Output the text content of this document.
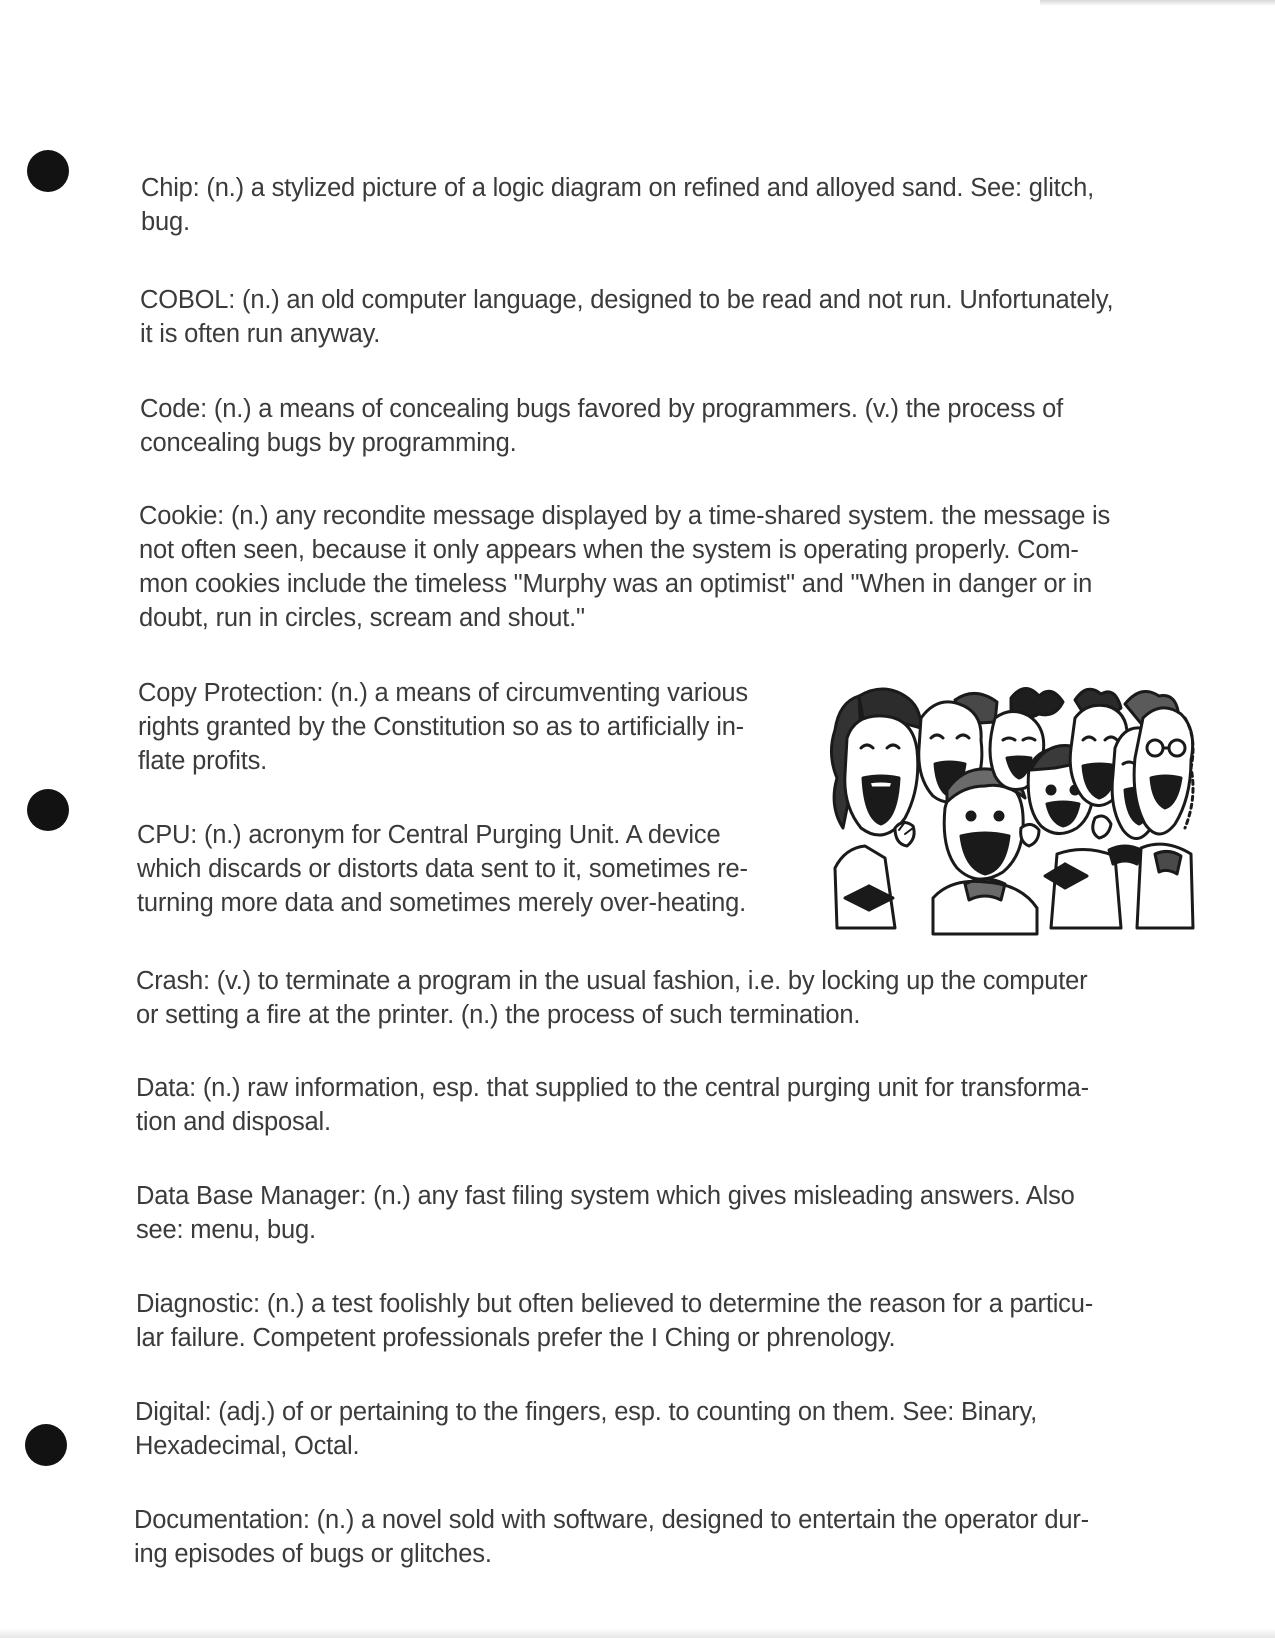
Chip: (n.) a stylized picture of a logic diagram on refined and alloyed sand. See: glitch,
bug.

COBOL: (n.) an old computer language, designed to be read and not run. Unfortunately,
it is often run anyway.

Code: (n.) a means of concealing bugs favored by programmers. (v.) the process of
concealing bugs by programming.

Cookie: (n.) any recondite message displayed by a time-shared system. the message is
not often seen, because it only appears when the system is operating properly. Com-
mon cookies include the timeless "Murphy was an optimist" and "When in danger or in
doubt, run in circles, scream and shout."

Copy Protection: (n.) a means of circumventing various
rights granted by the Constitution so as to artificially in-
flate profits.

CPU: (n.) acronym for Central Purging Unit. A device
which discards or distorts data sent to it, sometimes re-
turning more data and sometimes merely over-heating.

Crash: (v.) to terminate a program in the usual fashion, i.e. by locking up the computer
or setting a fire at the printer. (n.) the process of such termination.

Data: (n.) raw information, esp. that supplied to the central purging unit for transforma-
tion and disposal.

Data Base Manager: (n.) any fast filing system which gives misleading answers. Also
see: menu, bug.

Diagnostic: (n.) a test foolishly but often believed to determine the reason for a particu-
lar failure. Competent professionals prefer the I Ching or phrenology.

Digital: (adj.) of or pertaining to the fingers, esp. to counting on them. See: Binary,
Hexadecimal, Octal.

Documentation: (n.) a novel sold with software, designed to entertain the operator dur-
ing episodes of bugs or glitches.
